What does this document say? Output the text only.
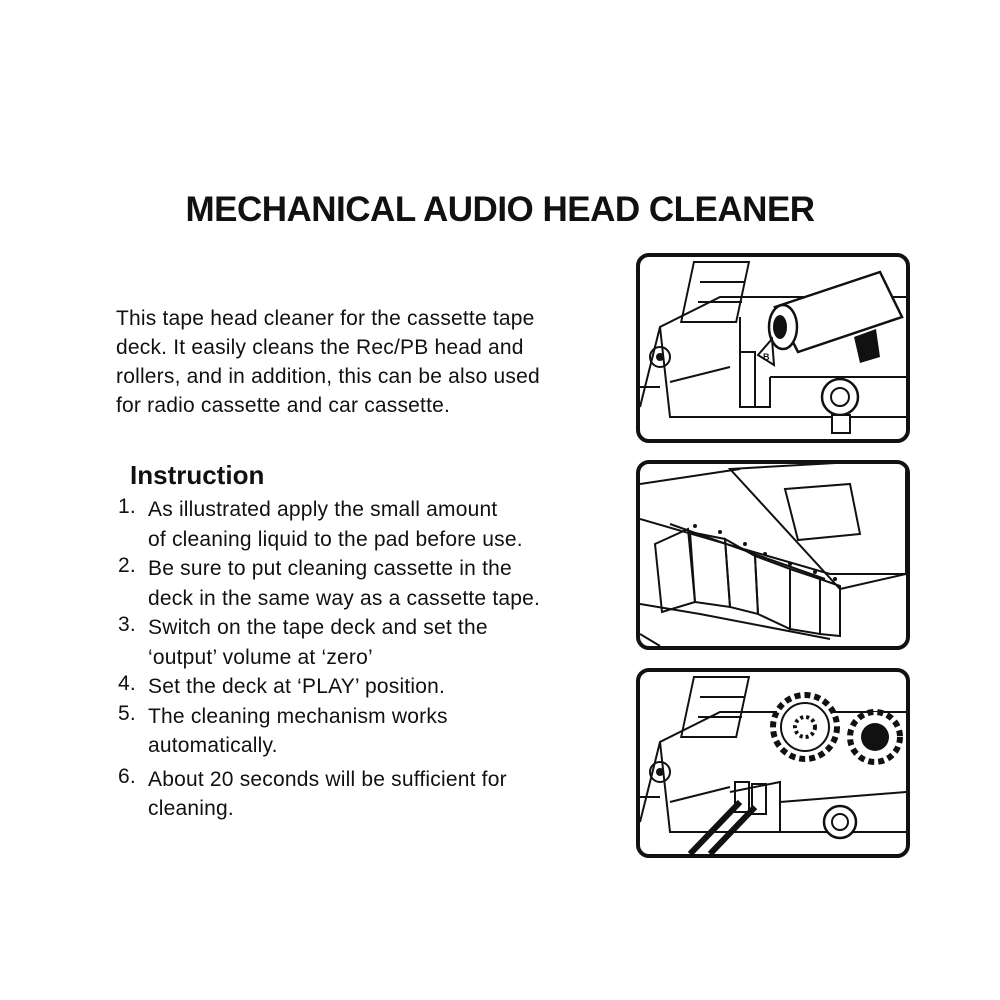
MECHANICAL AUDIO HEAD CLEANER
This tape head cleaner for the cassette tape
deck. It easily cleans the Rec/PB head and
rollers, and in addition, this can be also used
for radio cassette and car cassette.
Instruction
1. As illustrated apply the small amount
of cleaning liquid to the pad before use.
2. Be sure to put cleaning cassette in the
deck in the same way as a cassette tape.
3. Switch on the tape deck and set the
‘output’ volume at ‘zero’
4. Set the deck at ‘PLAY’ position.
5. The cleaning mechanism works
automatically.
6. About 20 seconds will be sufficient for
cleaning.
B
